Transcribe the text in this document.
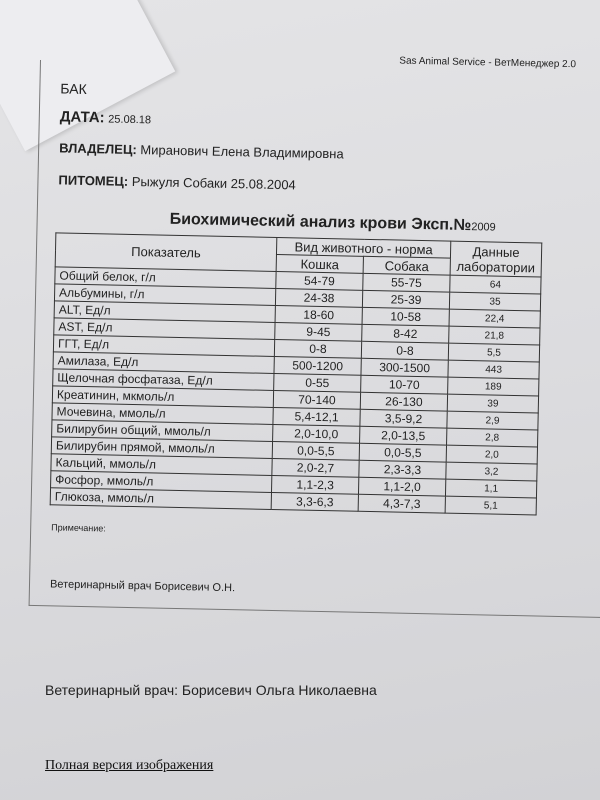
Sas Animal Service - ВетМенеджер 2.0
БАК
ДАТА: 25.08.18
ВЛАДЕЛЕЦ: Миранович Елена Владимировна
ПИТОМЕЦ: Рыжуля Собаки 25.08.2004
Биохимический анализ крови Эксп.№2009
Показатель	Вид животного - норма		Данные лаборатории
	Кошка	Собака	
Общий белок, г/л	54-79	55-75	64
Альбумины, г/л	24-38	25-39	35
ALT, Ед/л	18-60	10-58	22,4
AST, Ед/л	9-45	8-42	21,8
ГГТ, Ед/л	0-8	0-8	5,5
Амилаза, Ед/л	500-1200	300-1500	443
Щелочная фосфатаза, Ед/л	0-55	10-70	189
Креатинин, мкмоль/л	70-140	26-130	39
Мочевина, ммоль/л	5,4-12,1	3,5-9,2	2,9
Билирубин общий, ммоль/л	2,0-10,0	2,0-13,5	2,8
Билирубин прямой, ммоль/л	0,0-5,5	0,0-5,5	2,0
Кальций, ммоль/л	2,0-2,7	2,3-3,3	3,2
Фосфор, ммоль/л	1,1-2,3	1,1-2,0	1,1
Глюкоза, ммоль/л	3,3-6,3	4,3-7,3	5,1
Примечание:
Ветеринарный врач Борисевич О.Н.
Ветеринарный врач: Борисевич Ольга Николаевна
Полная версия изображения
